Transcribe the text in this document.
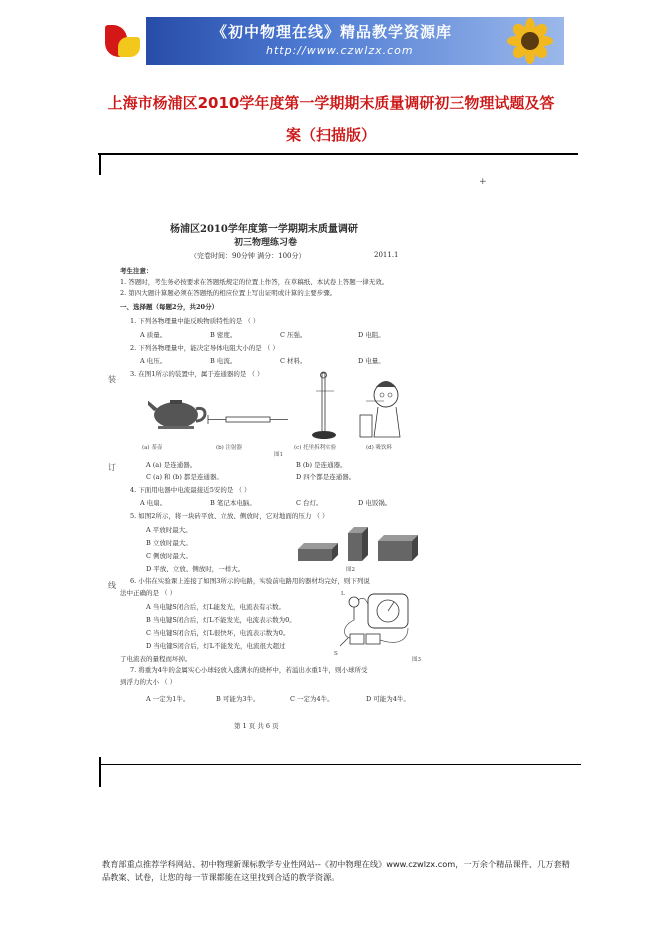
《初中物理在线》精品教学资源库
http://www.czwlzx.com
上海市杨浦区2010学年度第一学期期末质量调研初三物理试题及答
案（扫描版）
+
装
订
线
杨浦区2010学年度第一学期期末质量调研
初三物理练习卷
（完卷时间：90分钟 满分：100分）	2011.1
考生注意：
1. 答题时，考生务必按要求在答题纸规定的位置上作答，在草稿纸、本试卷上答题一律无效。
2. 第四大题计算题必须在答题纸的相应位置上写出证明或计算的主要步骤。
一、选择题（每题2分，共20分）
1. 下列各物理量中能反映物质特性的是 （ ）
A 质量。	B 密度。	C 压强。	D 电阻。
2. 下列各物理量中，能决定导体电阻大小的是 （ ）
A 电压。	B 电流。	C 材料。	D 电量。
3. 在图1所示的装置中，属于连通器的是 （ ）
(a) 茶壶	(b) 注射器	(c) 托里拆利实验	(d) 吸饮料
图1
A (a) 是连通器。	B (b) 是连通器。
C (a) 和 (b) 都是连通器。	D 四个都是连通器。
4. 下面用电器中电流最接近5安的是 （ ）
A 电扇。	B 笔记本电脑。	C 台灯。	D 电饭锅。
5. 如图2所示，将一块砖平放、立放、侧放时，它对地面的压力 （ ）
A 平放时最大。
B 立放时最大。
C 侧放时最大。
D 平放、立放、侧放时，一样大。	图2
6. 小伟在实验课上连接了如图3所示的电路，实验前电路用的器材均完好，则下列说
法中正确的是 （ ）
A 当电键S闭合后，灯L能发光，电流表有示数。
B 当电键S闭合后，灯L不能发光，电流表示数为0。
C 当电键S闭合后，灯L很快坏，电流表示数为0。
D 当电键S闭合后，灯L不能发光，电流很大超过
了电流表的量程而坏掉。
L
S
图3
7. 将重为4牛的金属实心小球轻放入盛满水的烧杯中，若溢出水重1牛，则小球所受
到浮力的大小 （ ）
A 一定为1牛。	B 可能为3牛。	C 一定为4牛。	D 可能为4牛。
第 1 页 共 6 页
教育部重点推荐学科网站、初中物理新课标教学专业性网站--《初中物理在线》www.czwlzx.com，一万余个精品课件、几万套精品教案、试卷，让您的每一节课都能在这里找到合适的教学资源。
